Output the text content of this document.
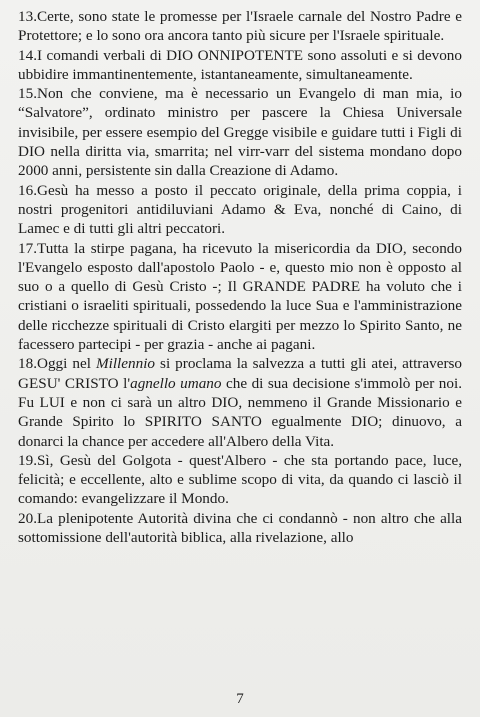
13.Certe, sono state le promesse per l'Israele carnale del Nostro Padre e Protettore; e lo sono ora ancora tanto più sicure per l'Israele spirituale.

14.I comandi verbali di DIO ONNIPOTENTE sono assoluti e si devono ubbidire immantinentemente, istantaneamente, simultaneamente.

15.Non che conviene, ma è necessario un Evangelo di man mia, io “Salvatore”, ordinato ministro per pascere la Chiesa Universale invisibile, per essere esempio del Gregge visibile e guidare tutti i Figli di DIO nella diritta via, smarrita; nel virr-varr del sistema mondano dopo 2000 anni, persistente sin dalla Creazione di Adamo.

16.Gesù ha messo a posto il peccato originale, della prima coppia, i nostri progenitori antidiluviani Adamo & Eva, nonché di Caino, di Lamec e di tutti gli altri peccatori.

17.Tutta la stirpe pagana, ha ricevuto la misericordia da DIO, secondo l'Evangelo esposto dall'apostolo Paolo - e, questo mio non è opposto al suo o a quello di Gesù Cristo -; Il GRANDE PADRE ha voluto che i cristiani o israeliti spirituali, possedendo la luce Sua e l'amministrazione delle ricchezze spirituali di Cristo elargiti per mezzo lo Spirito Santo, ne facessero partecipi - per grazia - anche ai pagani.

18.Oggi nel Millennio si proclama la salvezza a tutti gli atei, attraverso GESU' CRISTO l'agnello umano che di sua decisione s'immolò per noi. Fu LUI e non ci sarà un altro DIO, nemmeno il Grande Missionario e Grande Spirito lo SPIRITO SANTO egualmente DIO; dinuovo, a donarci la chance per accedere all'Albero della Vita.

19.Sì, Gesù del Golgota - quest'Albero - che sta portando pace, luce, felicità; e eccellente, alto e sublime scopo di vita, da quando ci lasciò il comando: evangelizzare il Mondo.

20.La plenipotente Autorità divina che ci condannò - non altro che alla sottomissione dell'autorità biblica, alla rivelazione, allo

7
